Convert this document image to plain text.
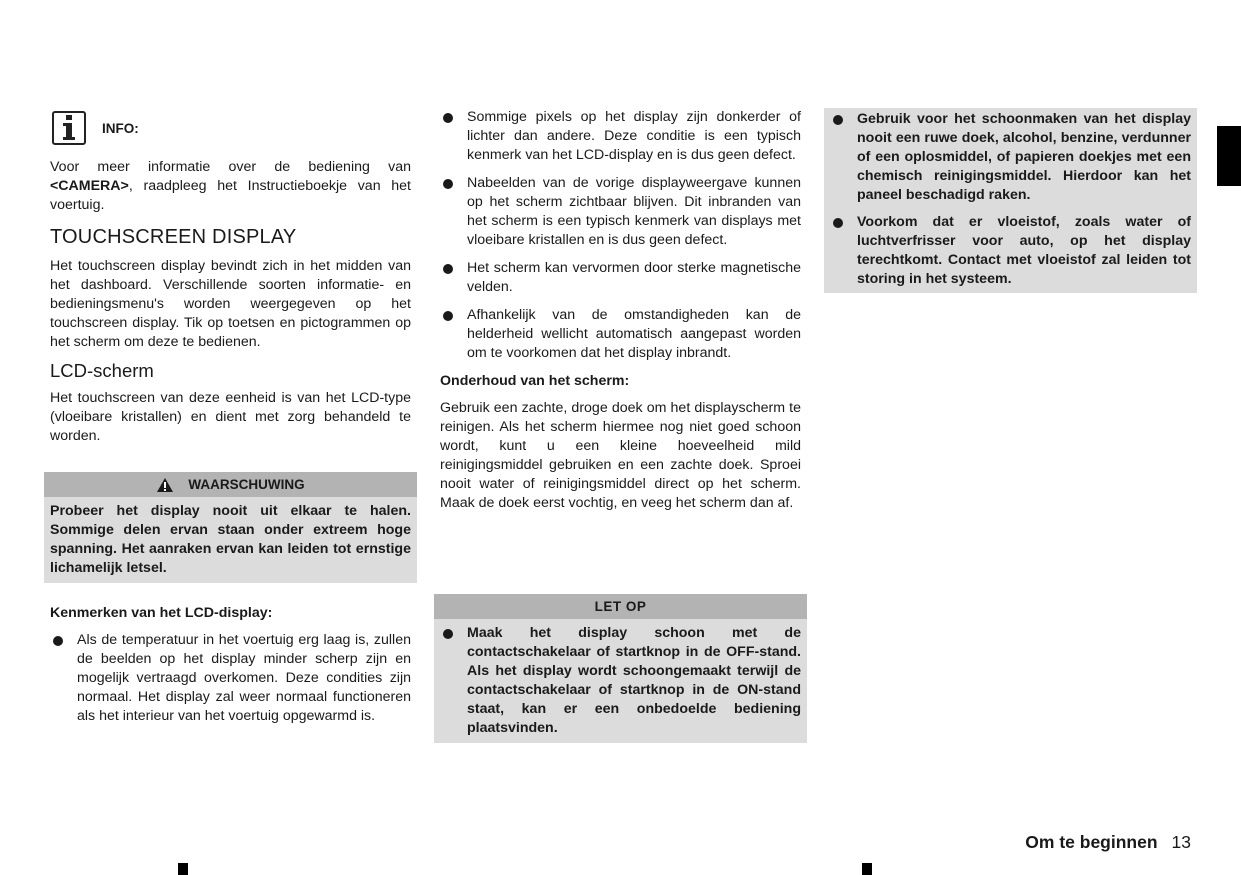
INFO:

Voor meer informatie over de bediening van <CAMERA>, raadpleeg het Instructieboekje van het voertuig.

TOUCHSCREEN DISPLAY

Het touchscreen display bevindt zich in het midden van het dashboard. Verschillende soorten informatie- en bedieningsmenu's worden weergegeven op het touchscreen display. Tik op toetsen en pictogrammen op het scherm om deze te bedienen.

LCD-scherm

Het touchscreen van deze eenheid is van het LCD-type (vloeibare kristallen) en dient met zorg behandeld te worden.

WAARSCHUWING
Probeer het display nooit uit elkaar te halen. Sommige delen ervan staan onder extreem hoge spanning. Het aanraken ervan kan leiden tot ernstige lichamelijk letsel.
Kenmerken van het LCD-display:
Als de temperatuur in het voertuig erg laag is, zullen de beelden op het display minder scherp zijn en mogelijk vertraagd overkomen. Deze condities zijn normaal. Het display zal weer normaal functioneren als het interieur van het voertuig opgewarmd is.
Sommige pixels op het display zijn donkerder of lichter dan andere. Deze conditie is een typisch kenmerk van het LCD-display en is dus geen defect.
Nabeelden van de vorige displayweergave kunnen op het scherm zichtbaar blijven. Dit inbranden van het scherm is een typisch kenmerk van displays met vloeibare kristallen en is dus geen defect.
Het scherm kan vervormen door sterke magnetische velden.
Afhankelijk van de omstandigheden kan de helderheid wellicht automatisch aangepast worden om te voorkomen dat het display inbrandt.
Onderhoud van het scherm:

Gebruik een zachte, droge doek om het displayscherm te reinigen. Als het scherm hiermee nog niet goed schoon wordt, kunt u een kleine hoeveelheid mild reinigingsmiddel gebruiken en een zachte doek. Sproei nooit water of reinigingsmiddel direct op het scherm. Maak de doek eerst vochtig, en veeg het scherm dan af.

LET OP
Maak het display schoon met de contactschakelaar of startknop in de OFF-stand. Als het display wordt schoongemaakt terwijl de contactschakelaar of startknop in de ON-stand staat, kan er een onbedoelde bediening plaatsvinden.
Gebruik voor het schoonmaken van het display nooit een ruwe doek, alcohol, benzine, verdunner of een oplosmiddel, of papieren doekjes met een chemisch reinigingsmiddel. Hierdoor kan het paneel beschadigd raken.
Voorkom dat er vloeistof, zoals water of luchtverfrisser voor auto, op het display terechtkomt. Contact met vloeistof zal leiden tot storing in het systeem.
Om te beginnen 13
